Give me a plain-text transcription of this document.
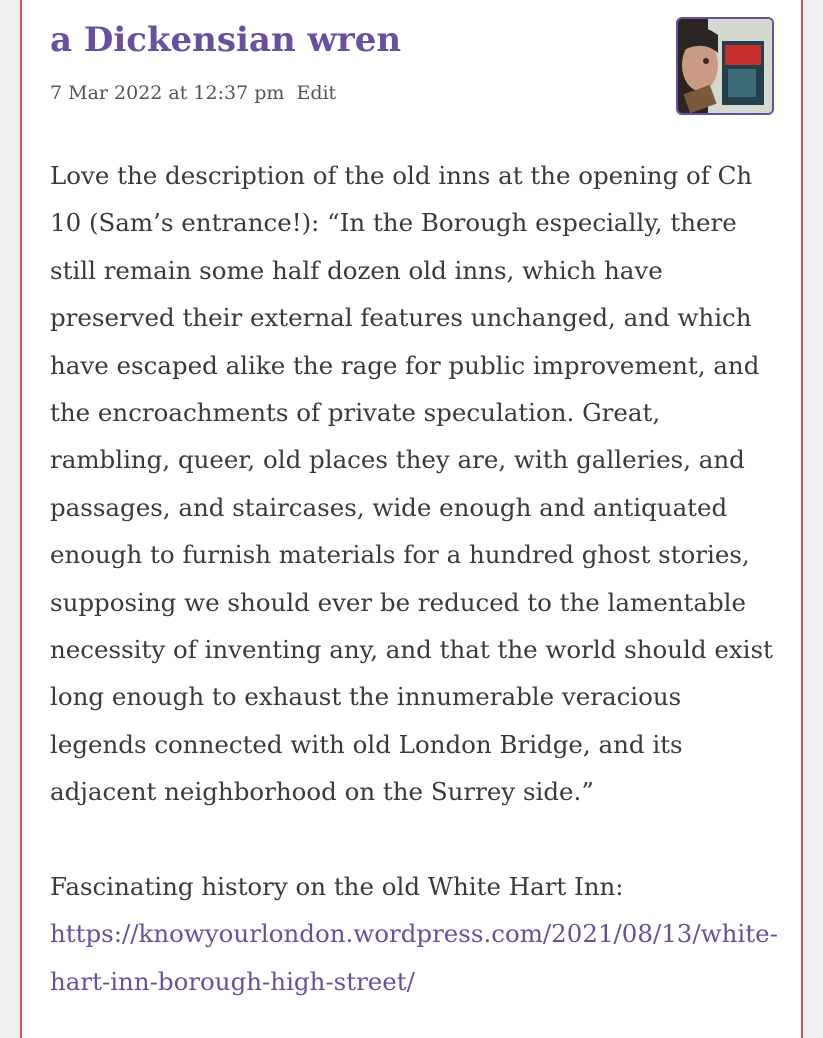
a Dickensian wren
7 Mar 2022 at 12:37 pm Edit

Love the description of the old inns at the opening of Ch 10 (Sam’s entrance!): “In the Borough especially, there still remain some half dozen old inns, which have preserved their external features unchanged, and which have escaped alike the rage for public improvement, and the encroachments of private speculation. Great, rambling, queer, old places they are, with galleries, and passages, and staircases, wide enough and antiquated enough to furnish materials for a hundred ghost stories, supposing we should ever be reduced to the lamentable necessity of inventing any, and that the world should exist long enough to exhaust the innumerable veracious legends connected with old London Bridge, and its adjacent neighborhood on the Surrey side.”

Fascinating history on the old White Hart Inn:
https://knowyourlondon.wordpress.com/2021/08/13/white-hart-inn-borough-high-street/
